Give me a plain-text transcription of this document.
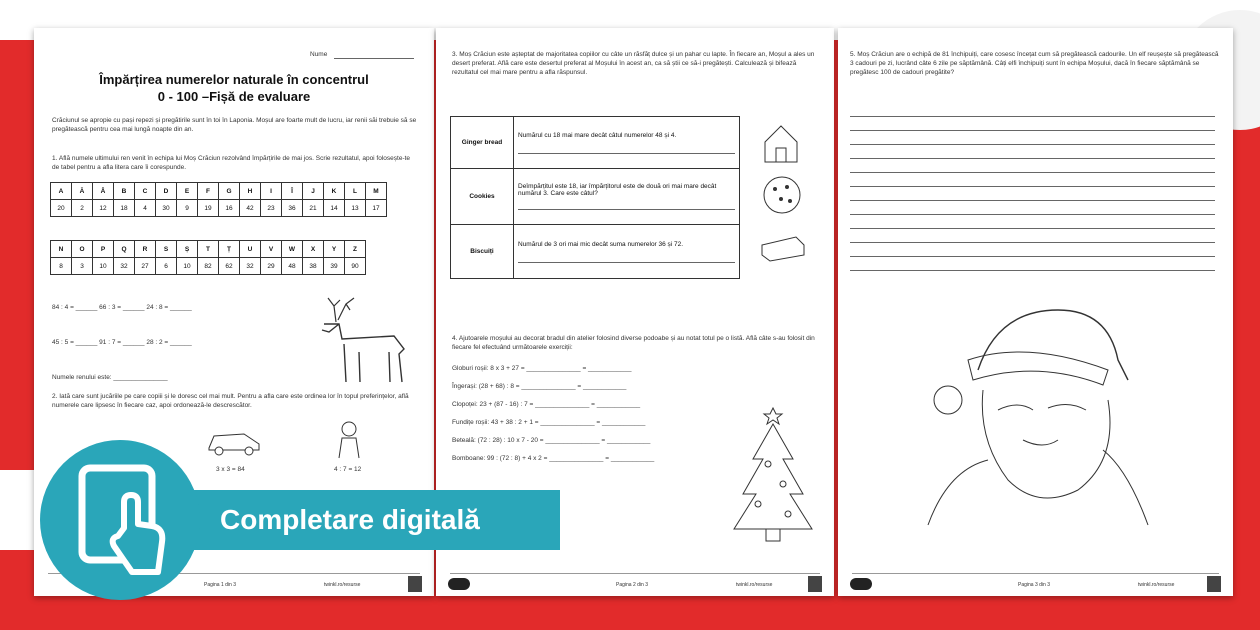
Nume
Împărțirea numerelor naturale în concentrul
0 - 100 –Fișă de evaluare
Crăciunul se apropie cu pași repezi și pregătirile sunt în toi în Laponia. Moșul are foarte mult de lucru, iar renii săi trebuie să se pregătească pentru cea mai lungă noapte din an.
1. Află numele ultimului ren venit în echipa lui Moș Crăciun rezolvând împărțirile de mai jos. Scrie rezultatul, apoi folosește-te de tabel pentru a afla litera care îi corespunde.
A	Ă	Â	B	C	D	E	F	G	H	I	Î	J	K	L	M
20	2	12	18	4	30	9	19	16	42	23	36	21	14	13	17
N	O	P	Q	R	S	Ș	T	Ț	U	V	W	X	Y	Z
8	3	10	32	27	6	10	82	62	32	29	48	38	39	90
84 : 4 = ______ 66 : 3 = ______ 24 : 8 = ______
45 : 5 = ______ 91 : 7 = ______ 28 : 2 = ______
Numele renului este: _______________
2. Iată care sunt jucăriile pe care copiii și le doresc cel mai mult. Pentru a afla care este ordinea lor în topul preferințelor, află numerele care lipsesc în fiecare caz, apoi ordonează-le descrescător.
3 x 3 = 84	4 : 7 = 12
Pagina 1 din 3	twinkl.ro/resurse
3. Moș Crăciun este așteptat de majoritatea copiilor cu câte un răsfăț dulce și un pahar cu lapte. În fiecare an, Moșul a ales un desert preferat. Află care este desertul preferat al Moșului în acest an, ca să știi ce să-i pregătești. Calculează și bifează rezultatul cel mai mare pentru a afla răspunsul.
Ginger bread	Numărul cu 18 mai mare decât câtul numerelor 48 și 4.

Cookies	Deîmpărțitul este 18, iar împărțitorul este de două ori mai mare decât numărul 3. Care este câtul?

Biscuiți	Numărul de 3 ori mai mic decât suma numerelor 36 și 72.
4. Ajutoarele moșului au decorat bradul din atelier folosind diverse podoabe și au notat totul pe o listă. Află câte s-au folosit din fiecare fel efectuând următoarele exerciții:
Globuri roșii: 8 x 3 + 27 = _______________ = ____________
Îngerași: (28 + 68) : 8 = _______________ = ____________
Clopoței: 23 + (87 - 16) : 7 = _______________ = ____________
Fundițe roșii: 43 + 38 : 2 + 1 = _______________ = ____________
Beteală: (72 : 28) : 10 x 7 - 20 = _______________ = ____________
Bomboane: 99 : (72 : 8) + 4 x 2 = _______________ = ____________
Pagina 2 din 3	twinkl.ro/resurse
5. Moș Crăciun are o echipă de 81 închipuiți, care cosesc încețat cum să pregătească cadourile. Un elf reușește să pregătească 3 cadouri pe zi, lucrând câte 6 zile pe săptămână. Câți elfi închipuiți sunt în echipa Moșului, dacă în fiecare săptămână se pregătesc 100 de cadouri pregătite?
Pagina 3 din 3	twinkl.ro/resurse
Completare digitală
